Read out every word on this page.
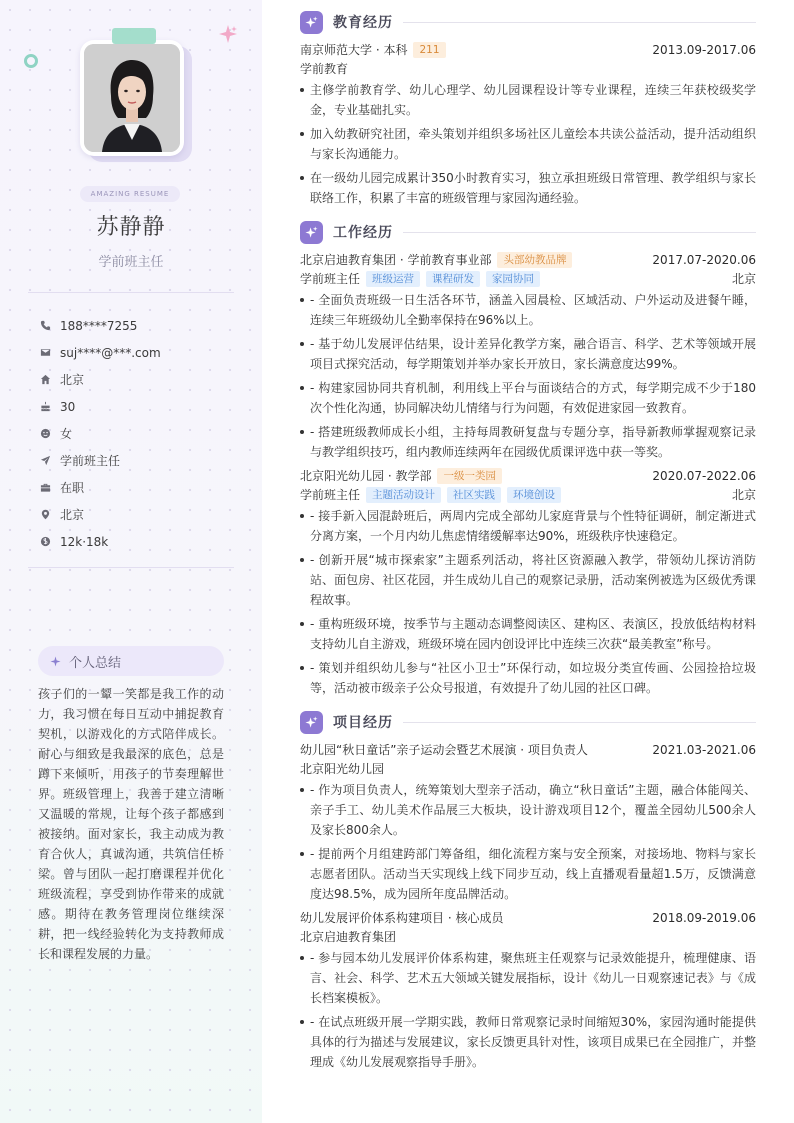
AMAZING RESUME
苏静静
学前班主任
188****7255
suj****@***.com
北京
30
女
学前班主任
在职
北京
12k·18k
个人总结

孩子们的一颦一笑都是我工作的动力，我习惯在每日互动中捕捉教育契机，以游戏化的方式陪伴成长。耐心与细致是我最深的底色，总是蹲下来倾听，用孩子的节奏理解世界。班级管理上，我善于建立清晰又温暖的常规，让每个孩子都感到被接纳。面对家长，我主动成为教育合伙人，真诚沟通，共筑信任桥梁。曾与团队一起打磨课程并优化班级流程，享受到协作带来的成就感。期待在教务管理岗位继续深耕，把一线经验转化为支持教师成长和课程发展的力量。

教育经历
南京师范大学 · 本科	211	2013.09-2017.06
学前教育
主修学前教育学、幼儿心理学、幼儿园课程设计等专业课程，连续三年获校级奖学金，专业基础扎实。
加入幼教研究社团，牵头策划并组织多场社区儿童绘本共读公益活动，提升活动组织与家长沟通能力。
在一级幼儿园完成累计350小时教育实习，独立承担班级日常管理、教学组织与家长联络工作，积累了丰富的班级管理与家园沟通经验。
工作经历
北京启迪教育集团 · 学前教育事业部	头部幼教品牌	2017.07-2020.06
学前班主任	班级运营	课程研发	家园协同	北京
- 全面负责班级一日生活各环节，涵盖入园晨检、区域活动、户外运动及进餐午睡，连续三年班级幼儿全勤率保持在96%以上。
- 基于幼儿发展评估结果，设计差异化教学方案，融合语言、科学、艺术等领域开展项目式探究活动，每学期策划并举办家长开放日，家长满意度达99%。
- 构建家园协同共育机制，利用线上平台与面谈结合的方式，每学期完成不少于180次个性化沟通，协同解决幼儿情绪与行为问题，有效促进家园一致教育。
- 搭建班级教师成长小组，主持每周教研复盘与专题分享，指导新教师掌握观察记录与教学组织技巧，组内教师连续两年在园级优质课评选中获一等奖。
北京阳光幼儿园 · 教学部	一级一类园	2020.07-2022.06
学前班主任	主题活动设计	社区实践	环境创设	北京
- 接手新入园混龄班后，两周内完成全部幼儿家庭背景与个性特征调研，制定渐进式分离方案，一个月内幼儿焦虑情绪缓解率达90%，班级秩序快速稳定。
- 创新开展“城市探索家”主题系列活动，将社区资源融入教学，带领幼儿探访消防站、面包房、社区花园，并生成幼儿自己的观察记录册，活动案例被选为区级优秀课程故事。
- 重构班级环境，按季节与主题动态调整阅读区、建构区、表演区，投放低结构材料支持幼儿自主游戏，班级环境在园内创设评比中连续三次获“最美教室”称号。
- 策划并组织幼儿参与“社区小卫士”环保行动，如垃圾分类宣传画、公园捡拾垃圾等，活动被市级亲子公众号报道，有效提升了幼儿园的社区口碑。
项目经历
幼儿园“秋日童话”亲子运动会暨艺术展演 · 项目负责人	2021.03-2021.06
北京阳光幼儿园
- 作为项目负责人，统筹策划大型亲子活动，确立“秋日童话”主题，融合体能闯关、亲子手工、幼儿美术作品展三大板块，设计游戏项目12个，覆盖全园幼儿500余人及家长800余人。
- 提前两个月组建跨部门筹备组，细化流程方案与安全预案，对接场地、物料与家长志愿者团队。活动当天实现线上线下同步互动，线上直播观看量超1.5万，反馈满意度达98.5%，成为园所年度品牌活动。
幼儿发展评价体系构建项目 · 核心成员	2018.09-2019.06
北京启迪教育集团
- 参与园本幼儿发展评价体系构建，聚焦班主任观察与记录效能提升，梳理健康、语言、社会、科学、艺术五大领域关键发展指标，设计《幼儿一日观察速记表》与《成长档案模板》。
- 在试点班级开展一学期实践，教师日常观察记录时间缩短30%，家园沟通时能提供具体的行为描述与发展建议，家长反馈更具针对性，该项目成果已在全园推广，并整理成《幼儿发展观察指导手册》。
